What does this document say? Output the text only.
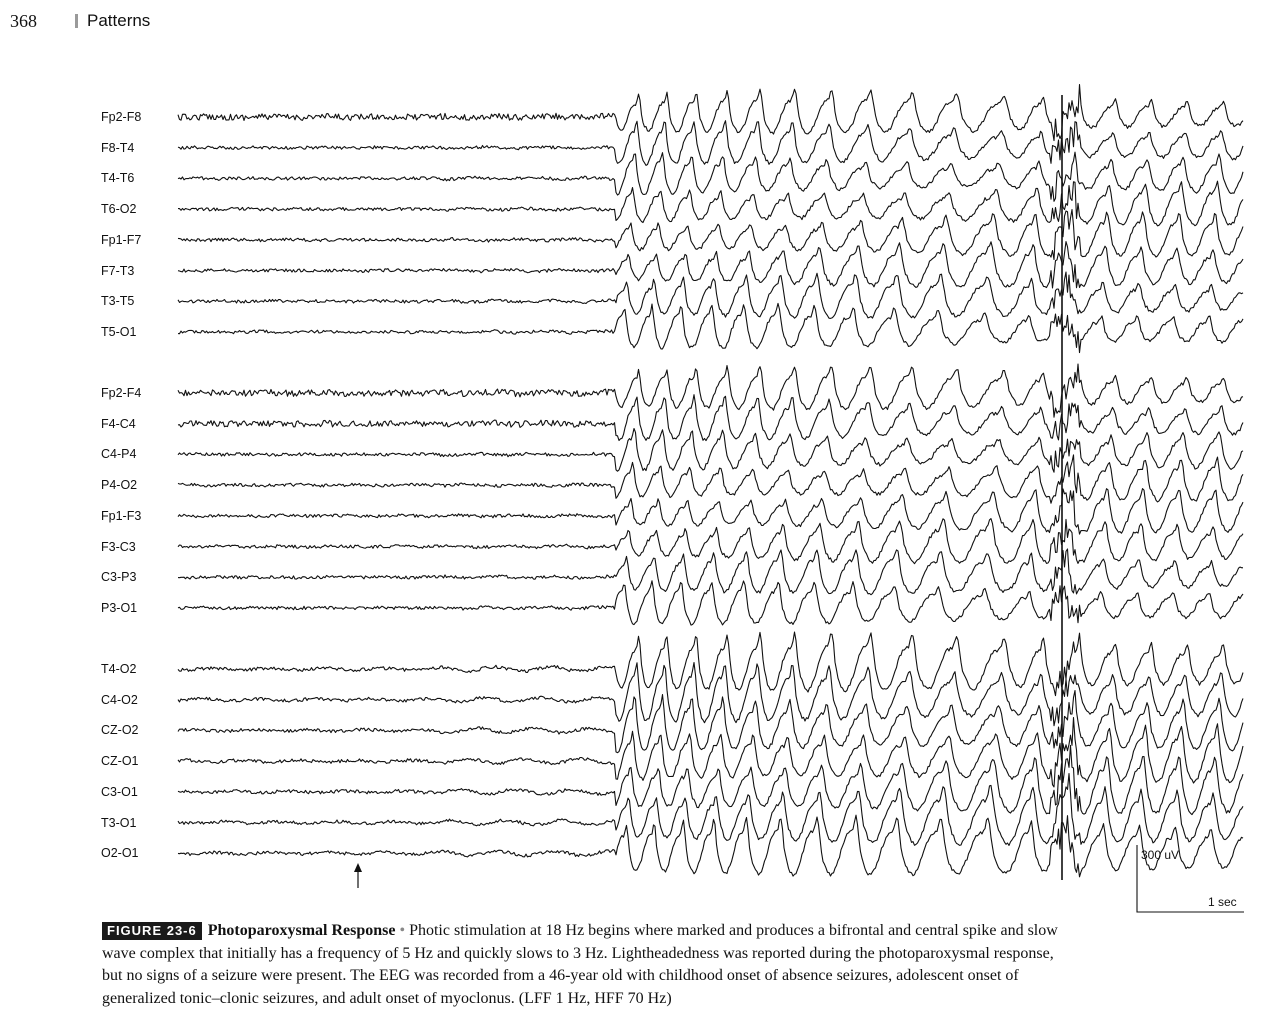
368	Patterns
Fp2-F8
F8-T4
T4-T6
T6-O2
Fp1-F7
F7-T3
T3-T5
T5-O1
Fp2-F4
F4-C4
C4-P4
P4-O2
Fp1-F3
F3-C3
C3-P3
P3-O1
T4-O2
C4-O2
CZ-O2
CZ-O1
C3-O1
T3-O1
O2-O1	300 uV
1 sec
FIGURE 23-6 Photoparoxysmal Response • Photic stimulation at 18 Hz begins where marked and produces a bifrontal and central spike and slow wave complex that initially has a frequency of 5 Hz and quickly slows to 3 Hz. Lightheadedness was reported during the photoparoxysmal response, but no signs of a seizure were present. The EEG was recorded from a 46-year old with childhood onset of absence seizures, adolescent onset of generalized tonic–clonic seizures, and adult onset of myoclonus. (LFF 1 Hz, HFF 70 Hz)
